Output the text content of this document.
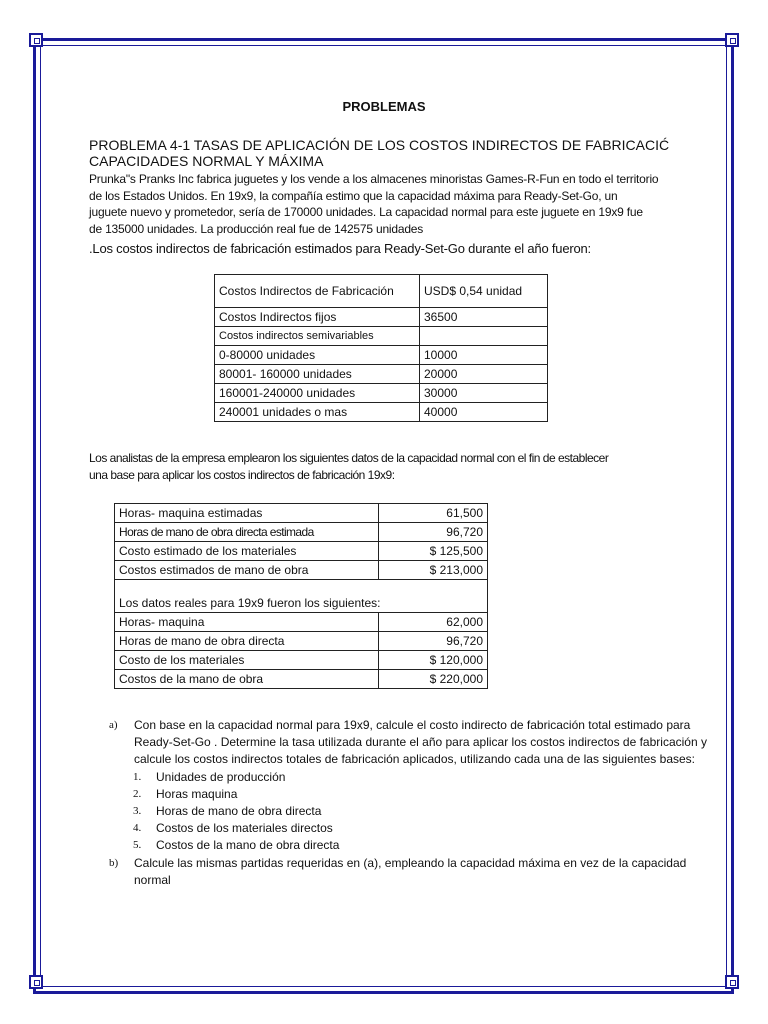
PROBLEMAS
PROBLEMA 4-1 TASAS DE APLICACIÓN DE LOS COSTOS INDIRECTOS DE FABRICACIĆ
CAPACIDADES NORMAL Y MÁXIMA
Prunka"s Pranks Inc fabrica juguetes y los vende a los almacenes minoristas Games-R-Fun en todo el territorio
de los Estados Unidos. En 19x9, la compañía estimo que la capacidad máxima para Ready-Set-Go, un
juguete nuevo y prometedor, sería de 170000 unidades. La capacidad normal para este juguete en 19x9 fue
de 135000 unidades. La producción real fue de 142575 unidades
.Los costos indirectos de fabricación estimados para Ready-Set-Go durante el año fueron:
Costos Indirectos de Fabricación	USD$ 0,54 unidad
Costos Indirectos fijos	36500
Costos indirectos semivariables	
0-80000 unidades	10000
80001- 160000 unidades	20000
160001-240000 unidades	30000
240001 unidades o mas	40000
Los analistas de la empresa emplearon los siguientes datos de la capacidad normal con el fin de establecer
una base para aplicar los costos indirectos de fabricación 19x9:
Horas- maquina estimadas	61,500
Horas de mano de obra directa estimada	96,720
Costo estimado de los materiales	$ 125,500
Costos estimados de mano de obra	$ 213,000
Los datos reales para 19x9 fueron los siguientes:	
Horas- maquina	62,000
Horas de mano de obra directa	96,720
Costo de los materiales	$ 120,000
Costos de la mano de obra	$ 220,000
a) Con base en la capacidad normal para 19x9, calcule el costo indirecto de fabricación total estimado para Ready-Set-Go . Determine la tasa utilizada durante el año para aplicar los costos indirectos de fabricación y calcule los costos indirectos totales de fabricación aplicados, utilizando cada una de las siguientes bases:
1. Unidades de producción
2. Horas maquina
3. Horas de mano de obra directa
4. Costos de los materiales directos
5. Costos de la mano de obra directa
b) Calcule las mismas partidas requeridas en (a), empleando la capacidad máxima en vez de la capacidad normal
